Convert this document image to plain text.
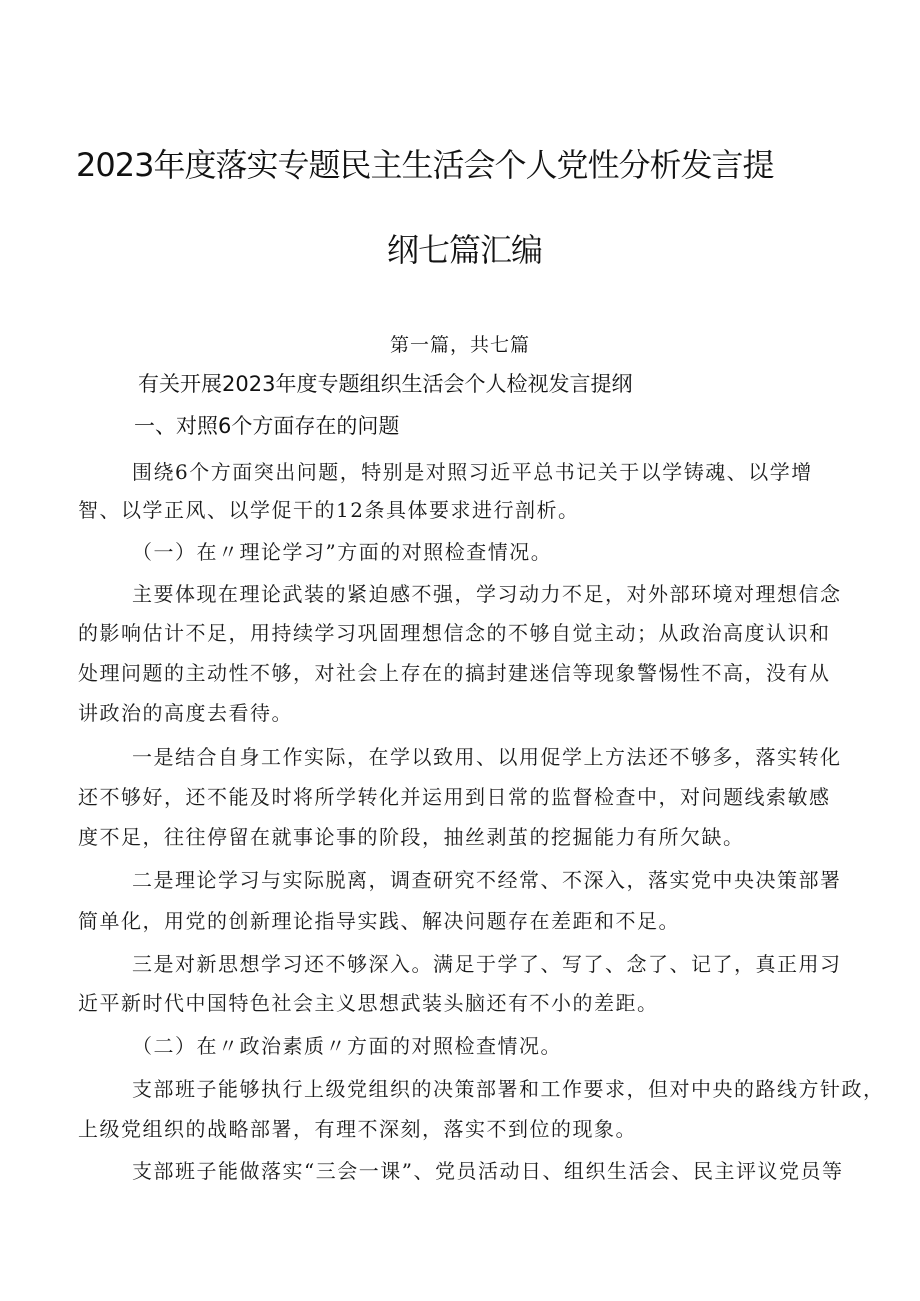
2023年度落实专题民主生活会个人党性分析发言提
纲七篇汇编
第一篇，共七篇
有关开展2023年度专题组织生活会个人检视发言提纲
一、对照6个方面存在的问题
围绕6个方面突出问题，特别是对照习近平总书记关于以学铸魂、以学增
智、以学正风、以学促干的12条具体要求进行剖析。
（一）在〃理论学习”方面的对照检查情况。
主要体现在理论武装的紧迫感不强，学习动力不足，对外部环境对理想信念
的影响估计不足，用持续学习巩固理想信念的不够自觉主动；从政治高度认识和
处理问题的主动性不够，对社会上存在的搞封建迷信等现象警惕性不高，没有从
讲政治的高度去看待。
一是结合自身工作实际，在学以致用、以用促学上方法还不够多，落实转化
还不够好，还不能及时将所学转化并运用到日常的监督检查中，对问题线索敏感
度不足，往往停留在就事论事的阶段，抽丝剥茧的挖掘能力有所欠缺。
二是理论学习与实际脱离，调查研究不经常、不深入，落实党中央决策部署
简单化，用党的创新理论指导实践、解决问题存在差距和不足。
三是对新思想学习还不够深入。满足于学了、写了、念了、记了，真正用习
近平新时代中国特色社会主义思想武装头脑还有不小的差距。
（二）在〃政治素质〃方面的对照检查情况。
支部班子能够执行上级党组织的决策部署和工作要求，但对中央的路线方针政，
上级党组织的战略部署，有理不深刻，落实不到位的现象。
支部班子能做落实“三会一课”、党员活动日、组织生活会、民主评议党员等
